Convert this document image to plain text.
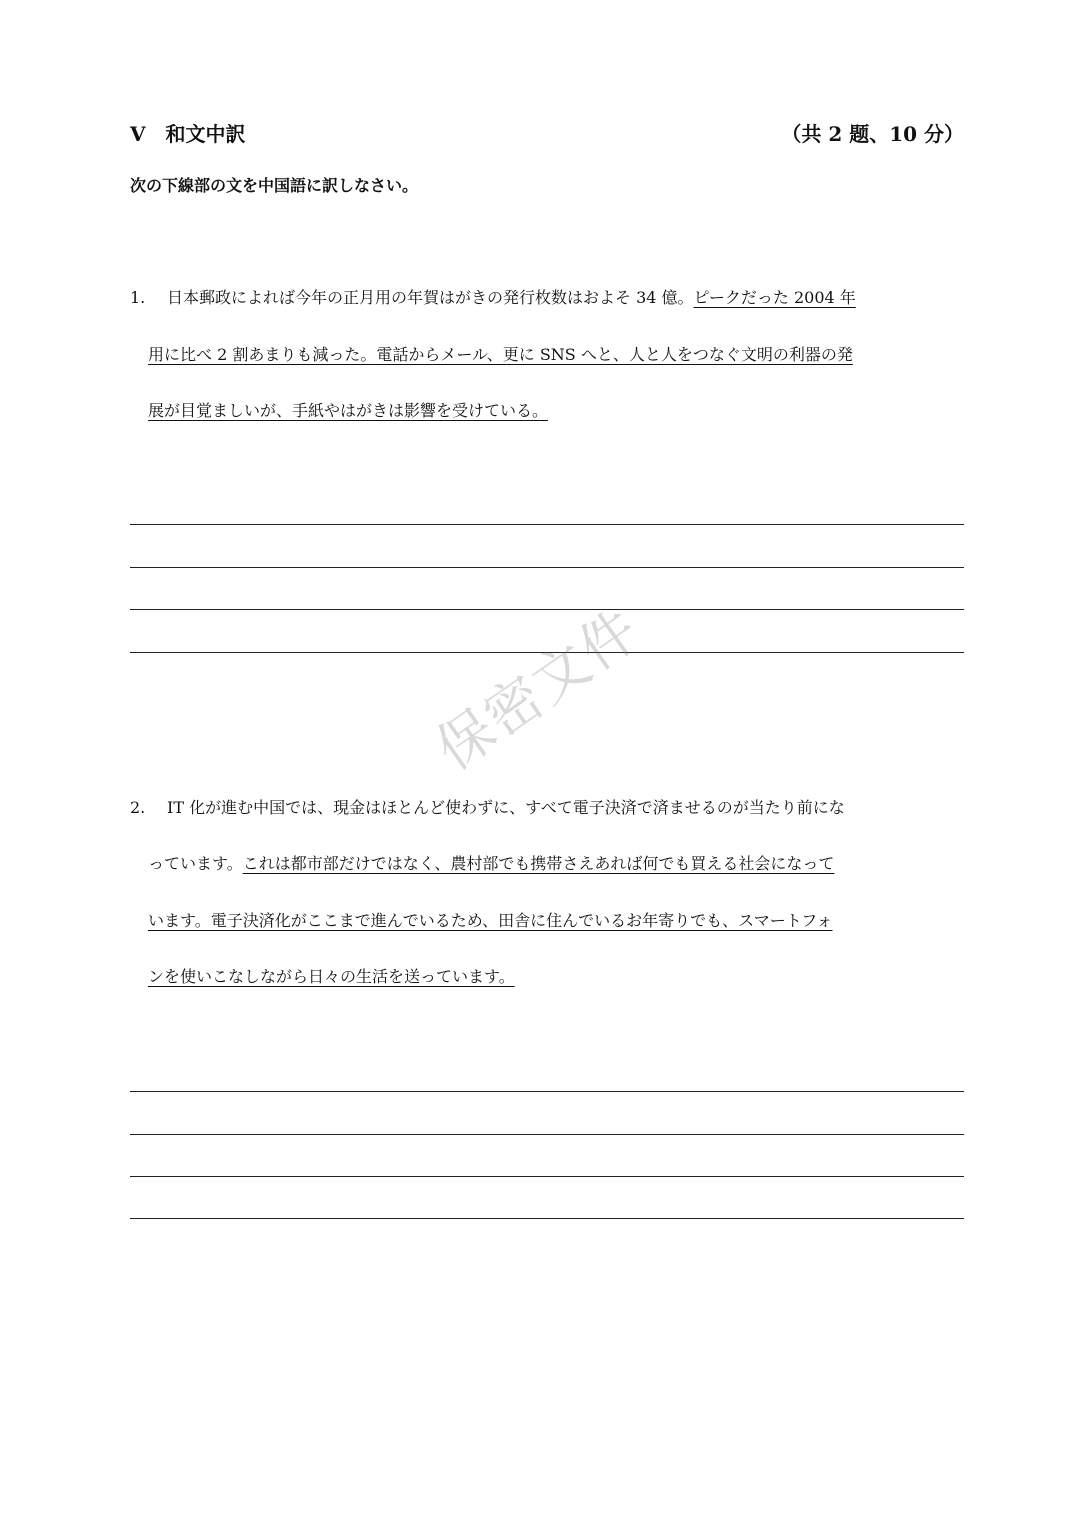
V　和文中訳	（共 2 题、10 分）
次の下線部の文を中国語に訳しなさい。
1. 日本郵政によれば今年の正月用の年賀はがきの発行枚数はおよそ 34 億。ピークだった 2004 年
用に比べ 2 割あまりも減った。電話からメール、更に SNS へと、人と人をつなぐ文明の利器の発
展が目覚ましいが、手紙やはがきは影響を受けている。
保密文件
2. IT 化が進む中国では、現金はほとんど使わずに、すべて電子決済で済ませるのが当たり前にな
っています。これは都市部だけではなく、農村部でも携帯さえあれば何でも買える社会になって
います。電子決済化がここまで進んでいるため、田舎に住んでいるお年寄りでも、スマートフォ
ンを使いこなしながら日々の生活を送っています。
